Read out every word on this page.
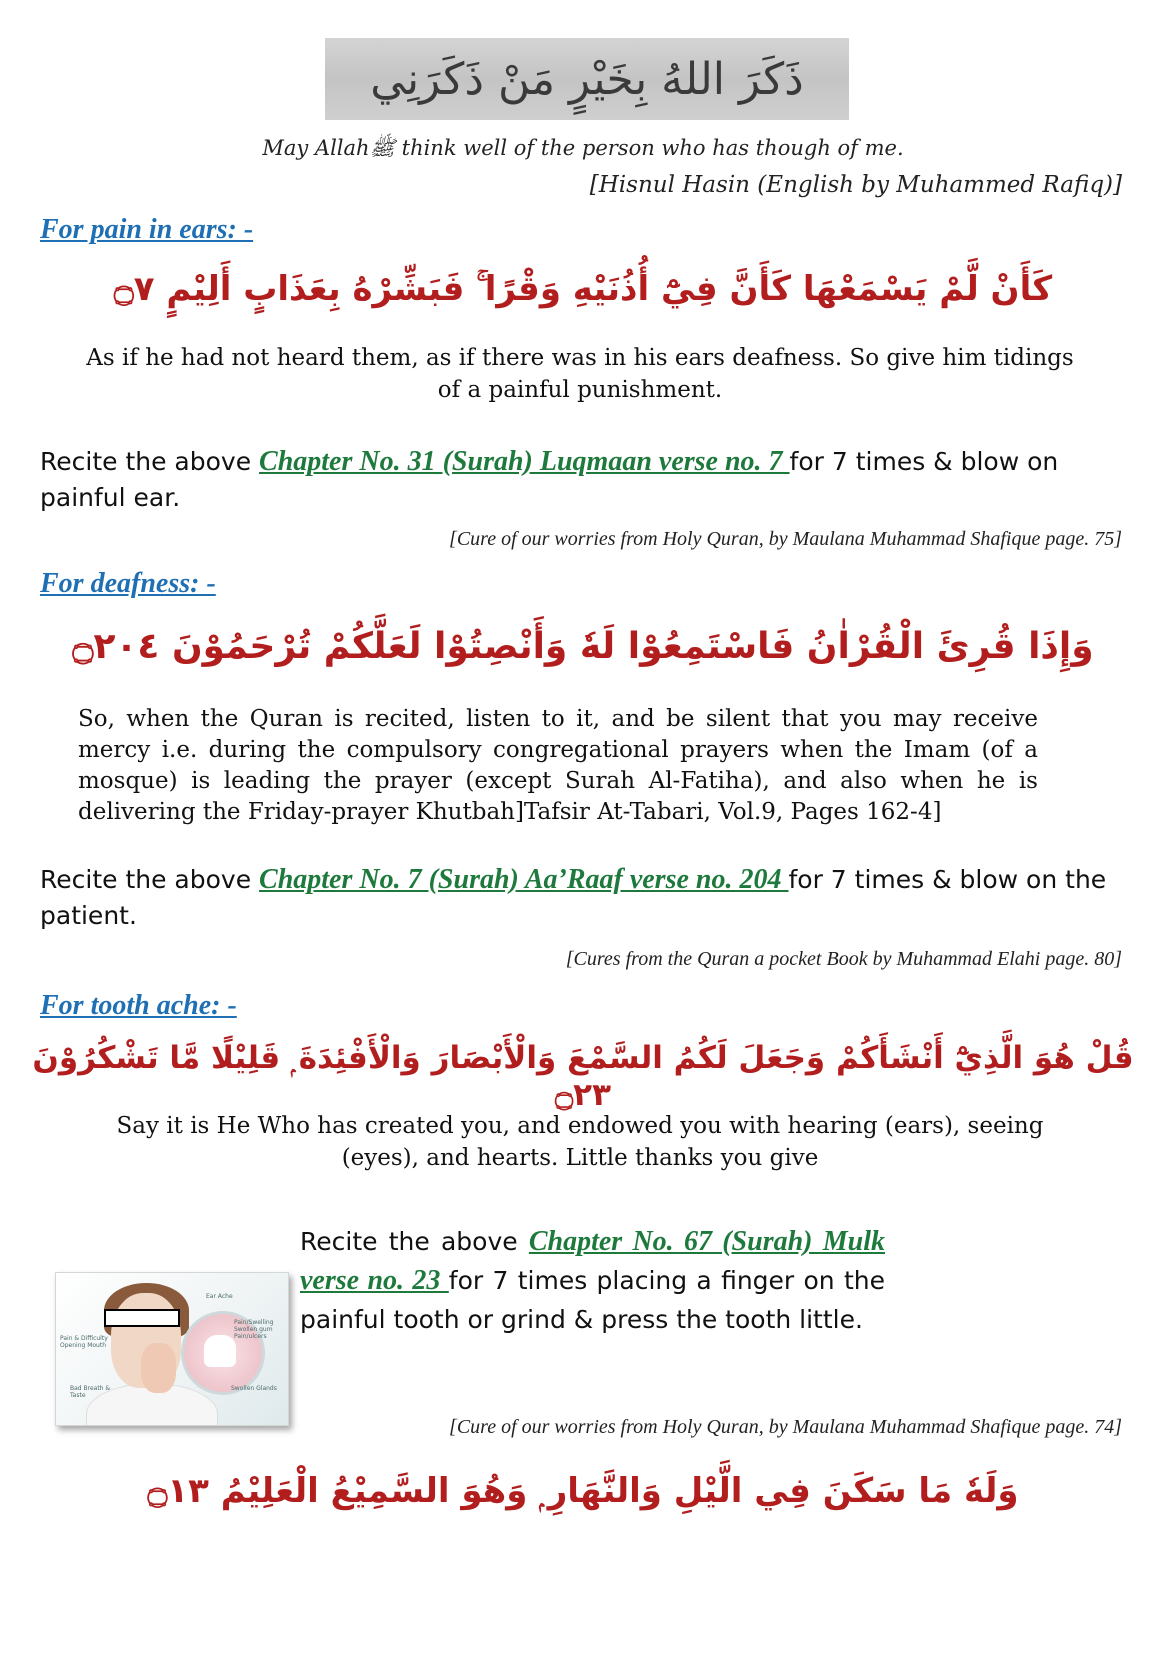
ذَكَرَ اللهُ بِخَيْرٍ مَنْ ذَكَرَنِي
May Allahﷺ think well of the person who has though of me.
[Hisnul Hasin (English by Muhammed Rafiq)]
For pain in ears: -
كَأَنْ لَّمْ يَسْمَعْهَا كَأَنَّ فِيْٓ أُذُنَيْهِ وَقْرًا ۚ فَبَشِّرْهُ بِعَذَابٍ أَلِيْمٍ ۝٧
As if he had not heard them, as if there was in his ears deafness. So give him tidings of a painful punishment.
Recite the above Chapter No. 31 (Surah) Luqmaan verse no. 7 for 7 times & blow on painful ear.
[Cure of our worries from Holy Quran, by Maulana Muhammad Shafique page. 75]
For deafness: -
وَإِذَا قُرِئَ الْقُرْاٰنُ فَاسْتَمِعُوْا لَهٗ وَأَنْصِتُوْا لَعَلَّكُمْ تُرْحَمُوْنَ ۝٢٠٤
So, when the Quran is recited, listen to it, and be silent that you may receive mercy i.e. during the compulsory congregational prayers when the Imam (of a mosque) is leading the prayer (except Surah Al-Fatiha), and also when he is delivering the Friday-prayer Khutbah]Tafsir At-Tabari, Vol.9, Pages 162-4]
Recite the above Chapter No. 7 (Surah) Aa’Raaf verse no. 204 for 7 times & blow on the patient.
[Cures from the Quran a pocket Book by Muhammad Elahi page. 80]
For tooth ache: -
قُلْ هُوَ الَّذِيْٓ أَنْشَأَكُمْ وَجَعَلَ لَكُمُ السَّمْعَ وَالْأَبْصَارَ وَالْأَفْئِدَةَ ۭ قَلِيْلًا مَّا تَشْكُرُوْنَ ۝٢٣
Say it is He Who has created you, and endowed you with hearing (ears), seeing (eyes), and hearts. Little thanks you give
Ear Ache
Pain/Swelling Swollen gum Pain/ulcers
Pain & Difficulty Opening Mouth
Bad Breath & Taste
Swollen Glands
Recite the above Chapter No. 67 (Surah) Mulk verse no. 23 for 7 times placing a finger on the painful tooth or grind & press the tooth little.
[Cure of our worries from Holy Quran, by Maulana Muhammad Shafique page. 74]
وَلَهٗ مَا سَكَنَ فِي الَّيْلِ وَالنَّهَارِ ۭ وَهُوَ السَّمِيْعُ الْعَلِيْمُ ۝١٣
